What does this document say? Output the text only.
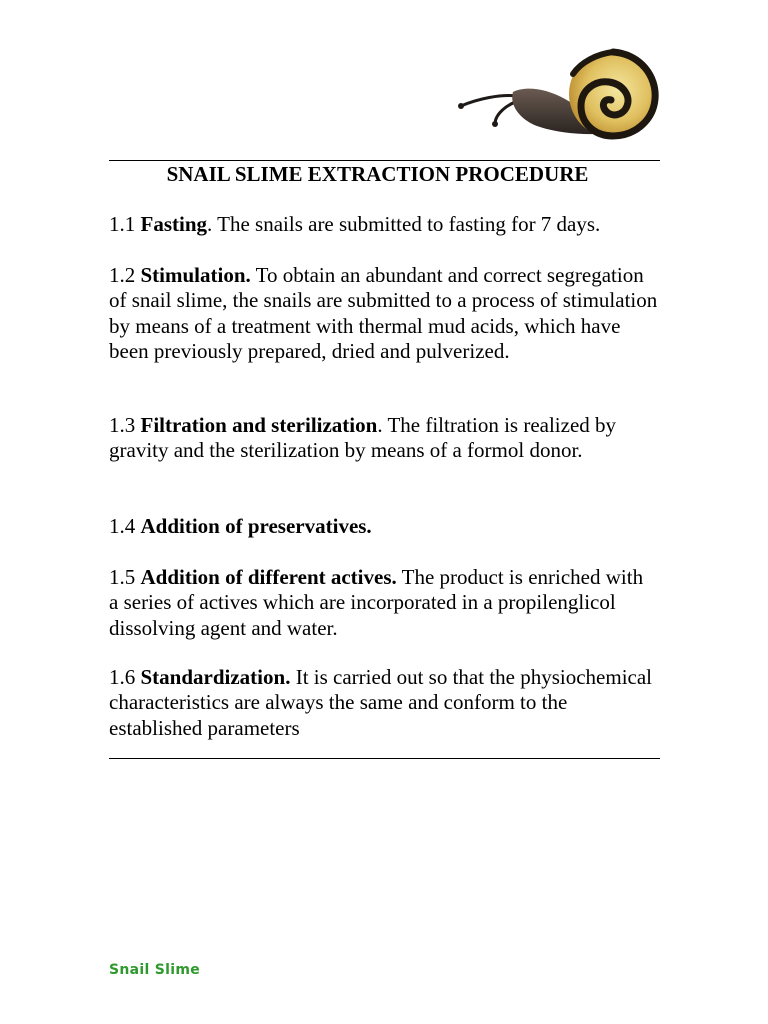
SNAIL SLIME EXTRACTION PROCEDURE

1.1 Fasting. The snails are submitted to fasting for 7 days.

1.2 Stimulation. To obtain an abundant and correct segregation of snail slime, the snails are submitted to a process of stimulation by means of a treatment with thermal mud acids, which have been previously prepared, dried and pulverized.

1.3 Filtration and sterilization. The filtration is realized by gravity and the sterilization by means of a formol donor.

1.4 Addition of preservatives.

1.5 Addition of different actives. The product is enriched with   a series of actives which are incorporated in a propilenglicol dissolving agent and water.

1.6 Standardization. It is carried out so that the physiochemical characteristics are always the same and conform to the established parameters

Snail Slime
